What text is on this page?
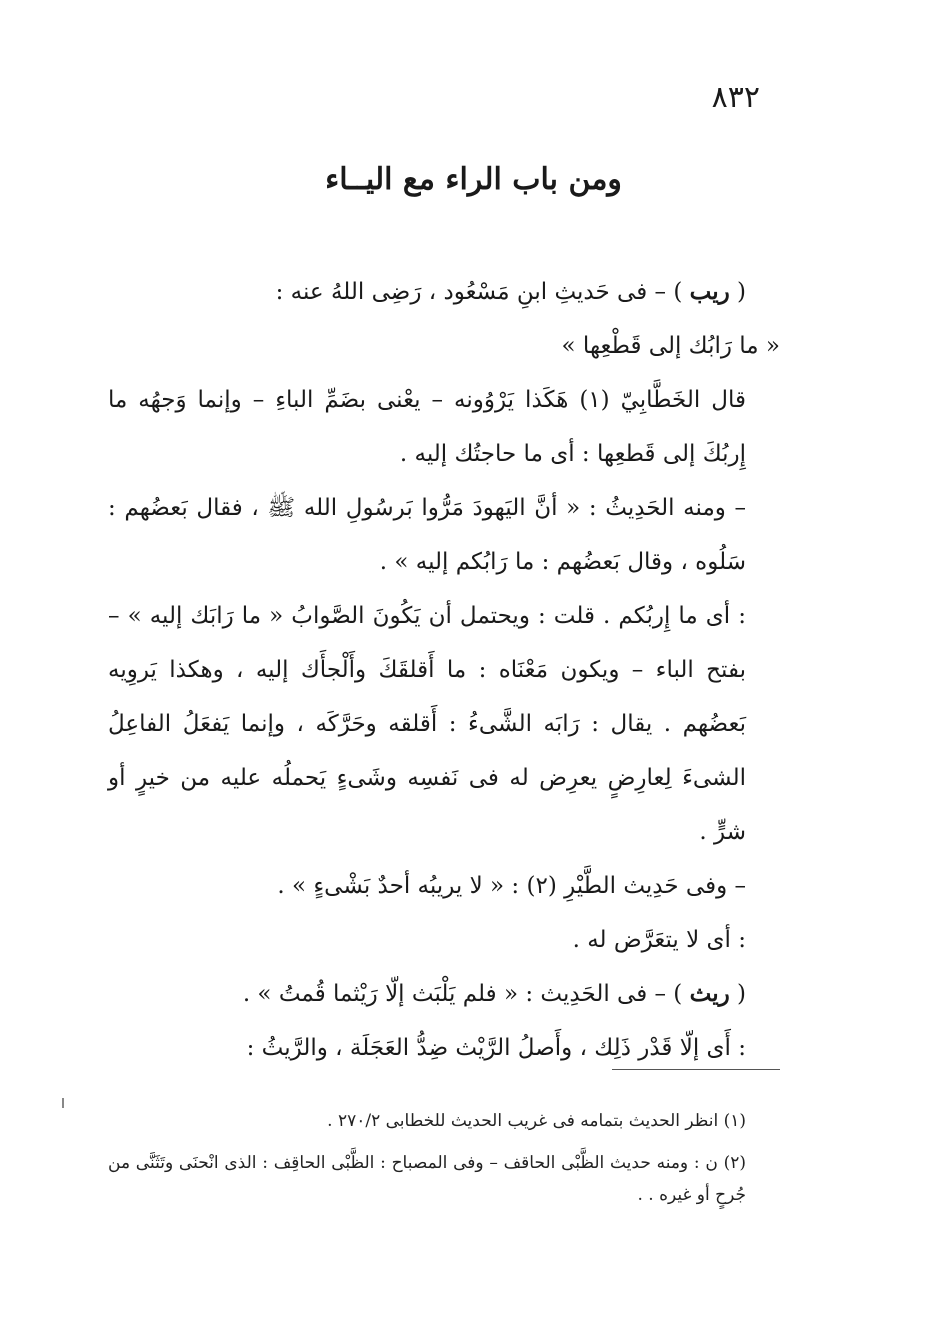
٨٣٢
ومن باب الراء مع اليــاء

( ريب ) – فى حَديثِ ابنِ مَسْعُود ، رَضِى اللهُ عنه :

« ما رَابُك إلى قَطْعِها »

قال الخَطَّابِيّ (١) هَكَذا يَرْوُونه – يعْنى بضَمِّ الباءِ – وإنما وَجهُه ما إِربُكَ إلى قَطعِها : أى ما حاجتُك إليه .

– ومنه الحَدِيثُ : « أنَّ اليَهودَ مَرُّوا بَرسُولِ الله ﷺ ، فقال بَعضُهم : سَلُوه ، وقال بَعضُهم : ما رَابُكم إليه » .

: أى ما إِربُكم . قلت : ويحتمل أن يَكُونَ الصَّوابُ « ما رَابَك إليه » – بفتح الباء – ويكون مَعْنَاه : ما أَقلقَكَ وأَلْجأَك إليه ، وهكذا يَروِيه بَعضُهم . يقال : رَابَه الشَّىءُ : أَقلقه وحَرَّكَه ، وإنما يَفعَلُ الفاعِلُ الشىءَ لِعارِضٍ يعرِض له فى نَفسِه وشَىءٍ يَحملُه عليه من خيرٍ أو شرٍّ .

– وفى حَدِيث الطَّيْرِ (٢) : « لا يريبُه أحدٌ بَشْىءٍ » .

: أى لا يتعَرَّض له .

( ريث ) – فى الحَدِيث : « فلم يَلْبَث إلّا رَيْثما قُمتُ » .

: أَى إلّا قَدْر ذَلِك ، وأَصلُ الرَّيْث ضِدُّ العَجَلَة ، والرَّيثُ :

(١) انظر الحديث بتمامه فى غريب الحديث للخطابى ٢٧٠/٢ .

(٢) ن : ومنه حديث الظَّبْى الحاقف – وفى المصباح : الظَّبْى الحاقِف : الذى انْحنَى وتَثَنَّى من جُرحٍ أو غيره . .
